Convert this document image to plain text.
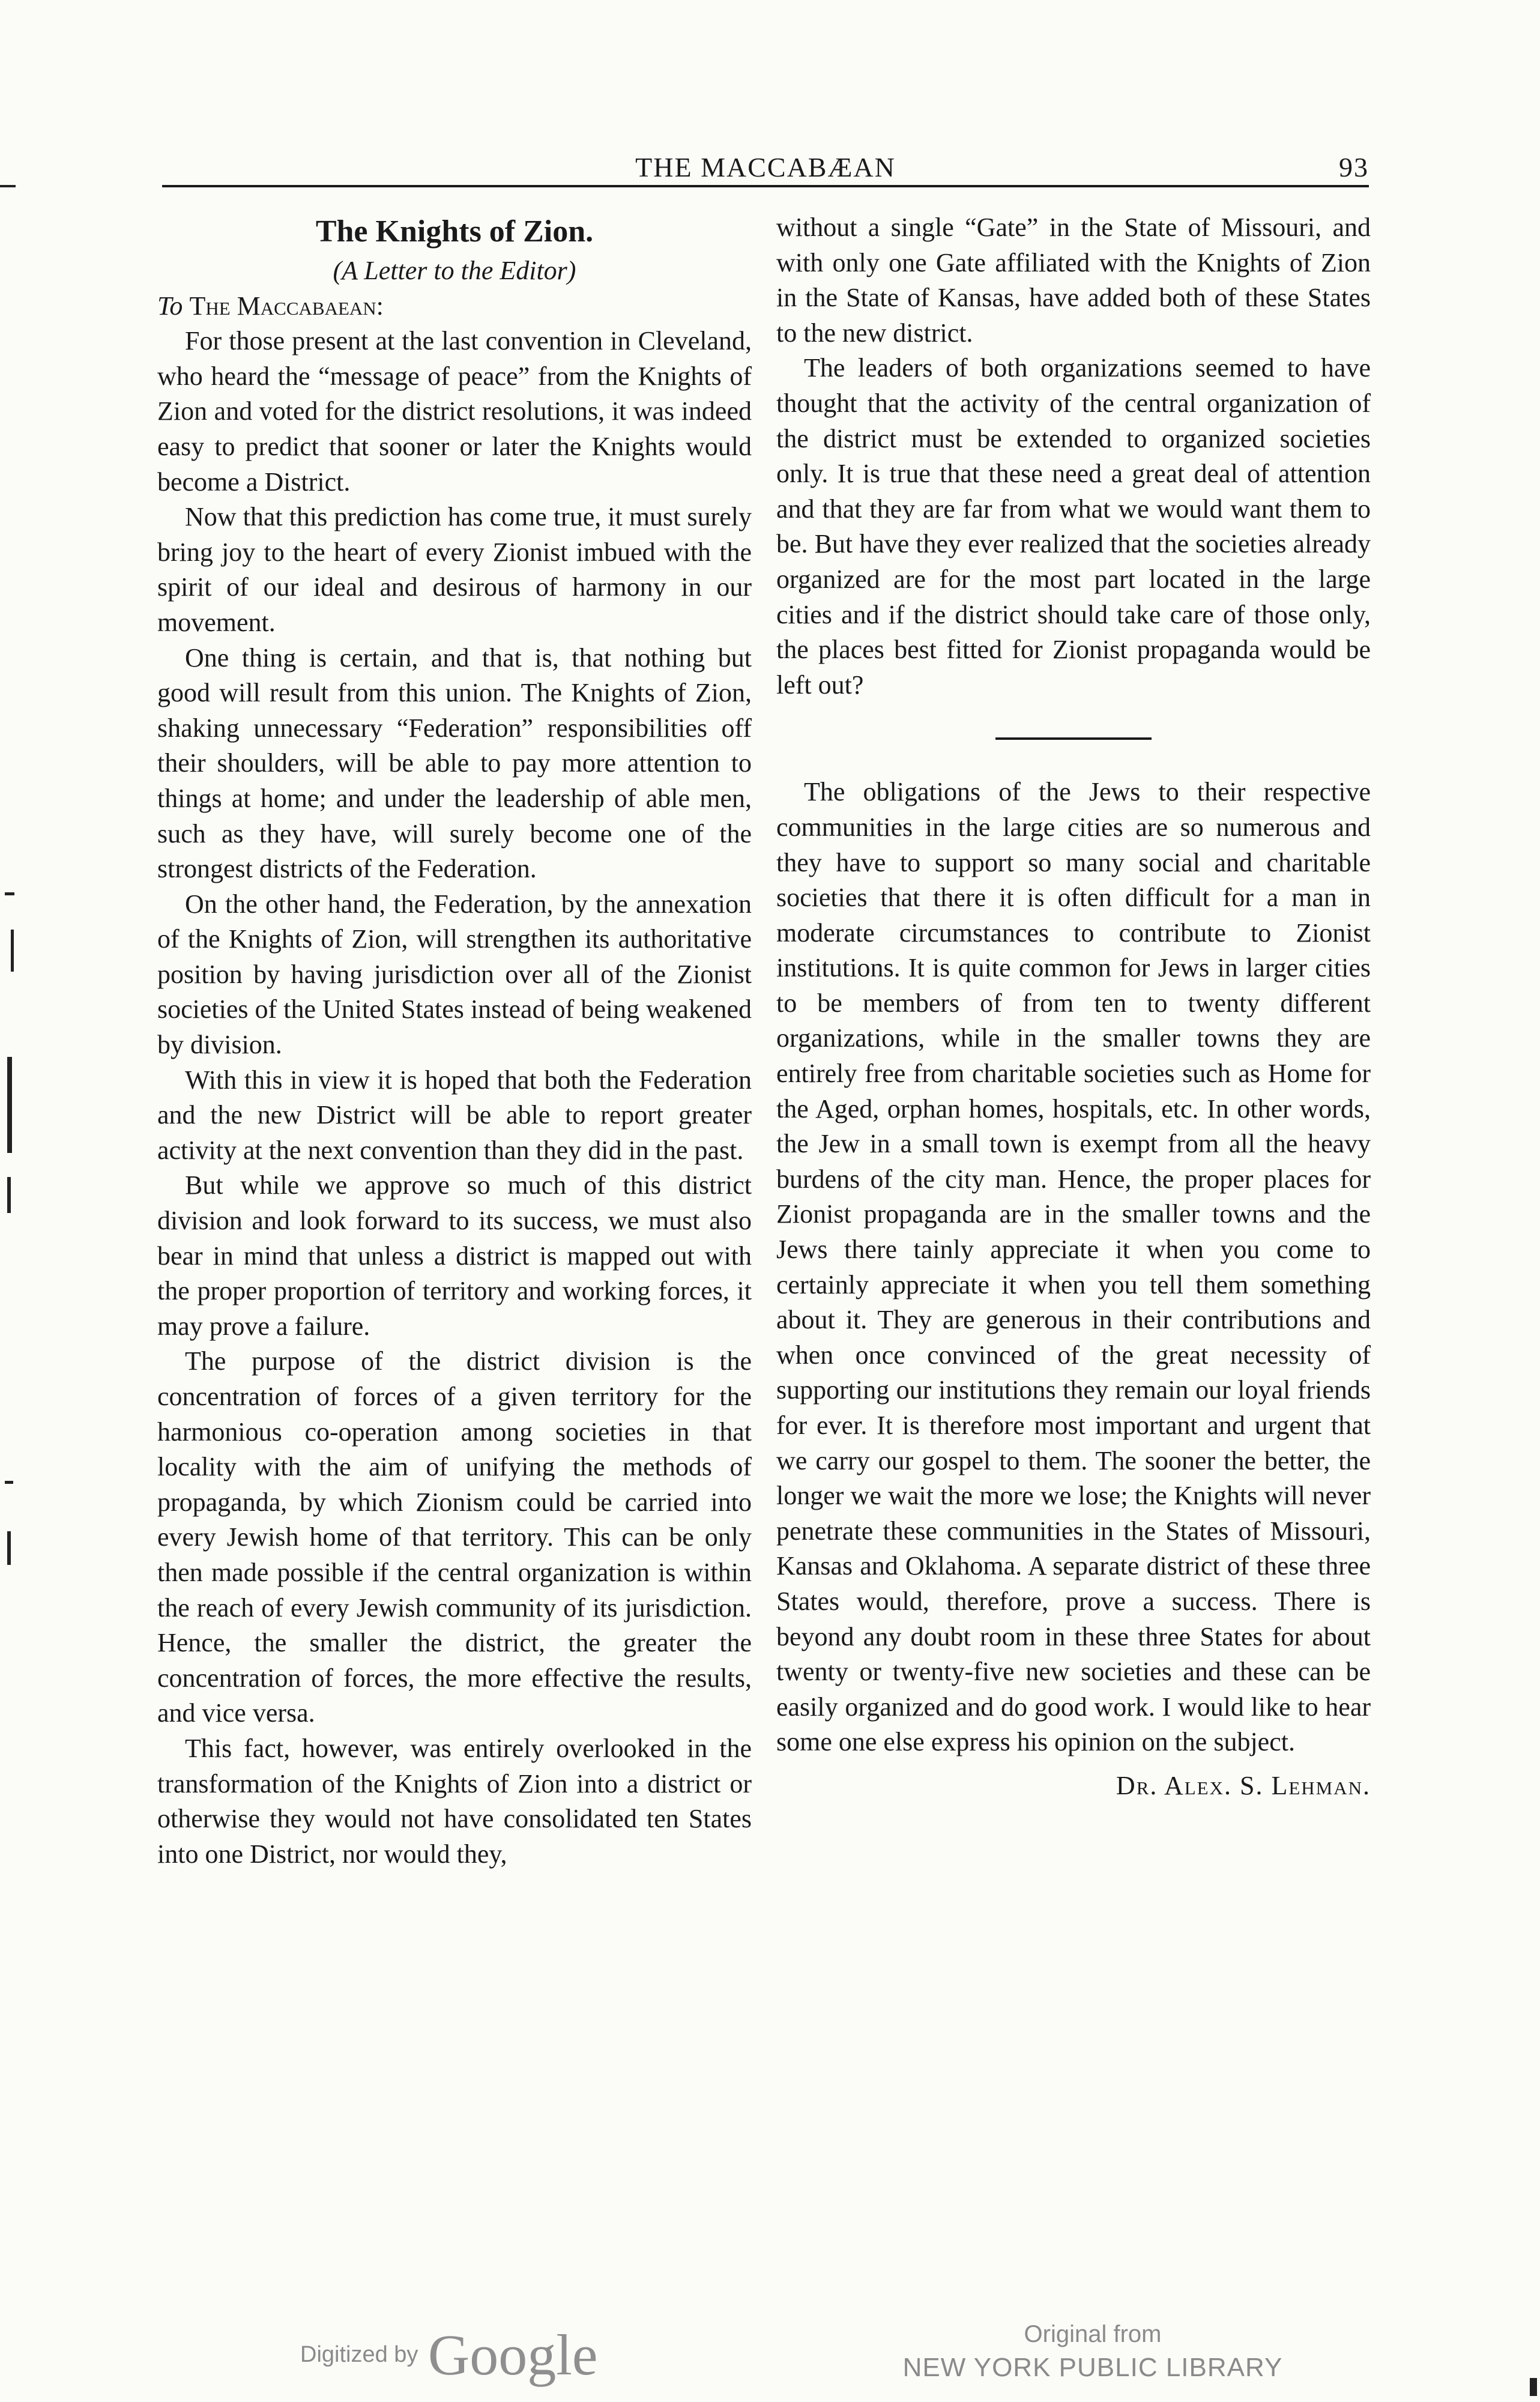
THE MACCABÆAN	93
The Knights of Zion.

(A Letter to the Editor)

To The Maccabaean:

For those present at the last convention in Cleveland, who heard the “message of peace” from the Knights of Zion and voted for the district resolutions, it was indeed easy to predict that sooner or later the Knights would become a District.

Now that this prediction has come true, it must surely bring joy to the heart of every Zionist imbued with the spirit of our ideal and desirous of harmony in our movement.

One thing is certain, and that is, that nothing but good will result from this union. The Knights of Zion, shaking unnecessary “Federation” responsibilities off their shoulders, will be able to pay more attention to things at home; and under the leadership of able men, such as they have, will surely become one of the strongest districts of the Federation.

On the other hand, the Federation, by the annexation of the Knights of Zion, will strengthen its authoritative position by having jurisdiction over all of the Zionist societies of the United States instead of being weakened by division.

With this in view it is hoped that both the Federation and the new District will be able to report greater activity at the next convention than they did in the past.

But while we approve so much of this district division and look forward to its success, we must also bear in mind that unless a district is mapped out with the proper proportion of territory and working forces, it may prove a failure.

The purpose of the district division is the concentration of forces of a given territory for the harmonious co-operation among societies in that locality with the aim of unifying the methods of propaganda, by which Zionism could be carried into every Jewish home of that territory. This can be only then made possible if the central organization is within the reach of every Jewish community of its jurisdiction. Hence, the smaller the district, the greater the concentration of forces, the more effective the results, and vice versa.

This fact, however, was entirely overlooked in the transformation of the Knights of Zion into a district or otherwise they would not have consolidated ten States into one District, nor would they,

without a single “Gate” in the State of Missouri, and with only one Gate affiliated with the Knights of Zion in the State of Kansas, have added both of these States to the new district.

The leaders of both organizations seemed to have thought that the activity of the central organization of the district must be extended to organized societies only. It is true that these need a great deal of attention and that they are far from what we would want them to be. But have they ever realized that the societies already organized are for the most part located in the large cities and if the district should take care of those only, the places best fitted for Zionist propaganda would be left out?

The obligations of the Jews to their respective communities in the large cities are so numerous and they have to support so many social and charitable societies that there it is often difficult for a man in moderate circumstances to contribute to Zionist institutions. It is quite common for Jews in larger cities to be members of from ten to twenty different organizations, while in the smaller towns they are entirely free from charitable societies such as Home for the Aged, orphan homes, hospitals, etc. In other words, the Jew in a small town is exempt from all the heavy burdens of the city man. Hence, the proper places for Zionist propaganda are in the smaller towns and the Jews there tainly appreciate it when you come to certainly appreciate it when you tell them something about it. They are generous in their contributions and when once convinced of the great necessity of supporting our institutions they remain our loyal friends for ever. It is therefore most important and urgent that we carry our gospel to them. The sooner the better, the longer we wait the more we lose; the Knights will never penetrate these communities in the States of Missouri, Kansas and Oklahoma. A separate district of these three States would, therefore, prove a success. There is beyond any doubt room in these three States for about twenty or twenty-five new societies and these can be easily organized and do good work. I would like to hear some one else express his opinion on the subject.

Dr. Alex. S. Lehman.
Digitized by Google	Original from
NEW YORK PUBLIC LIBRARY
